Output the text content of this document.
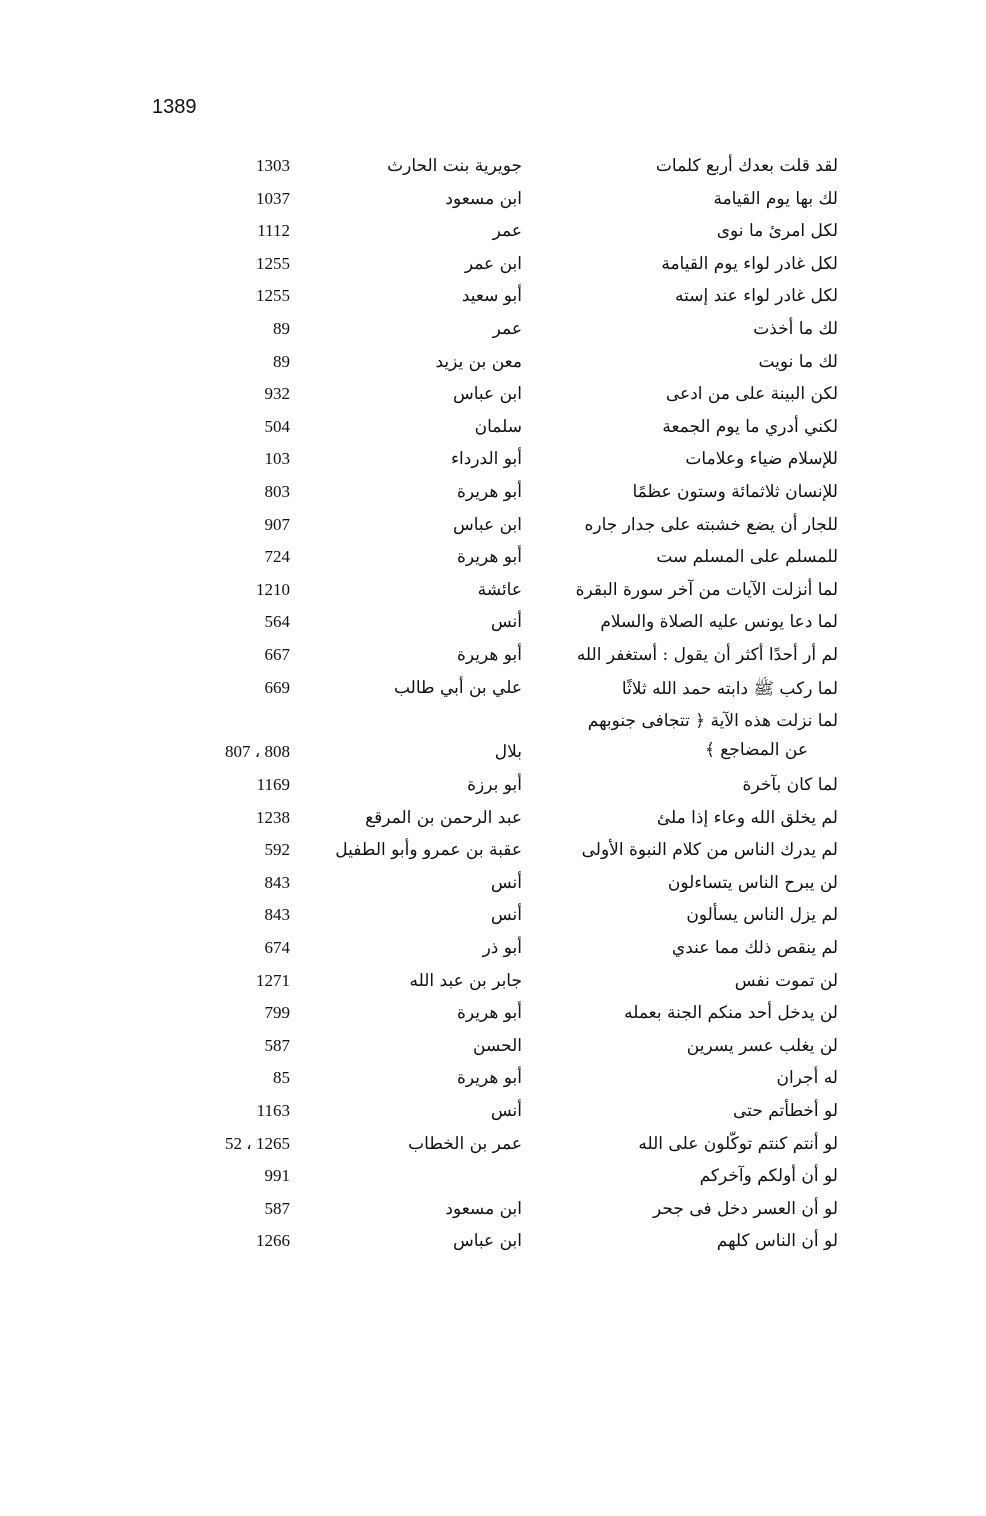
1389
لقد قلت بعدك أربع كلمات
جويرية بنت الحارث
1303
لك بها يوم القيامة
ابن مسعود
1037
لكل امرئ ما نوى
عمر
1112
لكل غادر لواء يوم القيامة
ابن عمر
1255
لكل غادر لواء عند إسته
أبو سعيد
1255
لك ما أخذت
عمر
89
لك ما نويت
معن بن يزيد
89
لكن البينة على من ادعى
ابن عباس
932
لكني أدري ما يوم الجمعة
سلمان
504
للإسلام ضياء وعلامات
أبو الدرداء
103
للإنسان ثلاثمائة وستون عظمًا
أبو هريرة
803
للجار أن يضع خشبته على جدار جاره
ابن عباس
907
للمسلم على المسلم ست
أبو هريرة
724
لما أنزلت الآيات من آخر سورة البقرة
عائشة
1210
لما دعا يونس عليه الصلاة والسلام
أنس
564
لم أر أحدًا أكثر أن يقول : أستغفر الله
أبو هريرة
667
لما ركب ﷺ دابته حمد الله ثلاثًا
علي بن أبي طالب
669
لما نزلت هذه الآية ﴿ تتجافى جنوبهم
عن المضاجع ﴾
بلال
807 ، 808
لما كان بآخرة
أبو برزة
1169
لم يخلق الله وعاء إذا ملئ
عبد الرحمن بن المرقع
1238
لم يدرك الناس من كلام النبوة الأولى
عقبة بن عمرو وأبو الطفيل
592
لن يبرح الناس يتساءلون
أنس
843
لم يزل الناس يسألون
أنس
843
لم ينقص ذلك مما عندي
أبو ذر
674
لن تموت نفس
جابر بن عبد الله
1271
لن يدخل أحد منكم الجنة بعمله
أبو هريرة
799
لن يغلب عسر يسرين
الحسن
587
له أجران
أبو هريرة
85
لو أخطأتم حتى
أنس
1163
لو أنتم كنتم توكّلون على الله
عمر بن الخطاب
52 ، 1265
لو أن أولكم وآخركم
991
لو أن العسر دخل فى جحر
ابن مسعود
587
لو أن الناس كلهم
ابن عباس
1266
